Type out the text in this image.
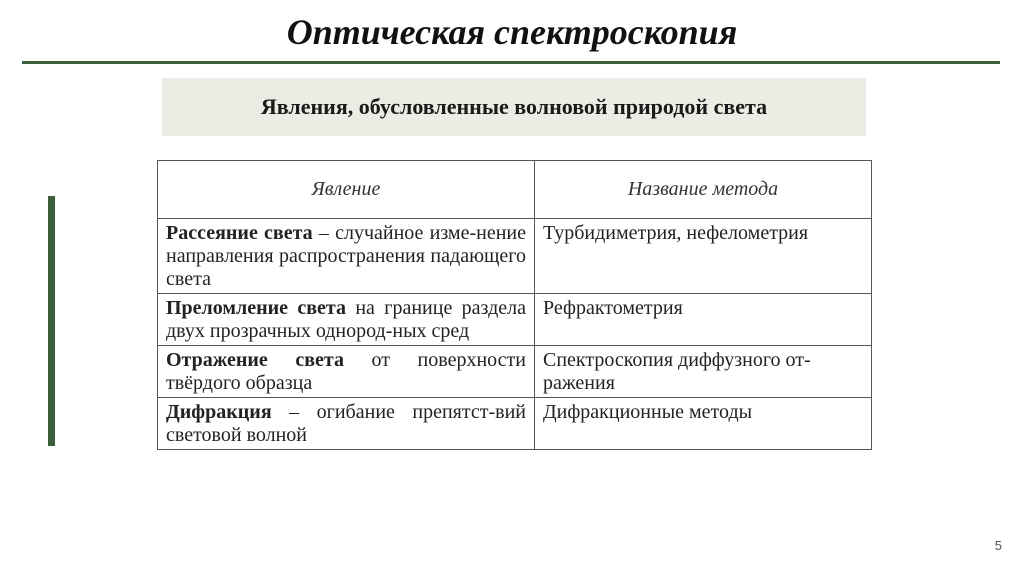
Оптическая спектроскопия
Явления, обусловленные волновой природой света
Явление	Название метода
Рассеяние света – случайное изме-нение направления распространения падающего света	Турбидиметрия, нефелометрия
Преломление света на границе раздела двух прозрачных однород-ных сред	Рефрактометрия
Отражение света от поверхности твёрдого образца	Спектроскопия диффузного от-ражения
Дифракция – огибание препятст-вий световой волной	Дифракционные методы
5
